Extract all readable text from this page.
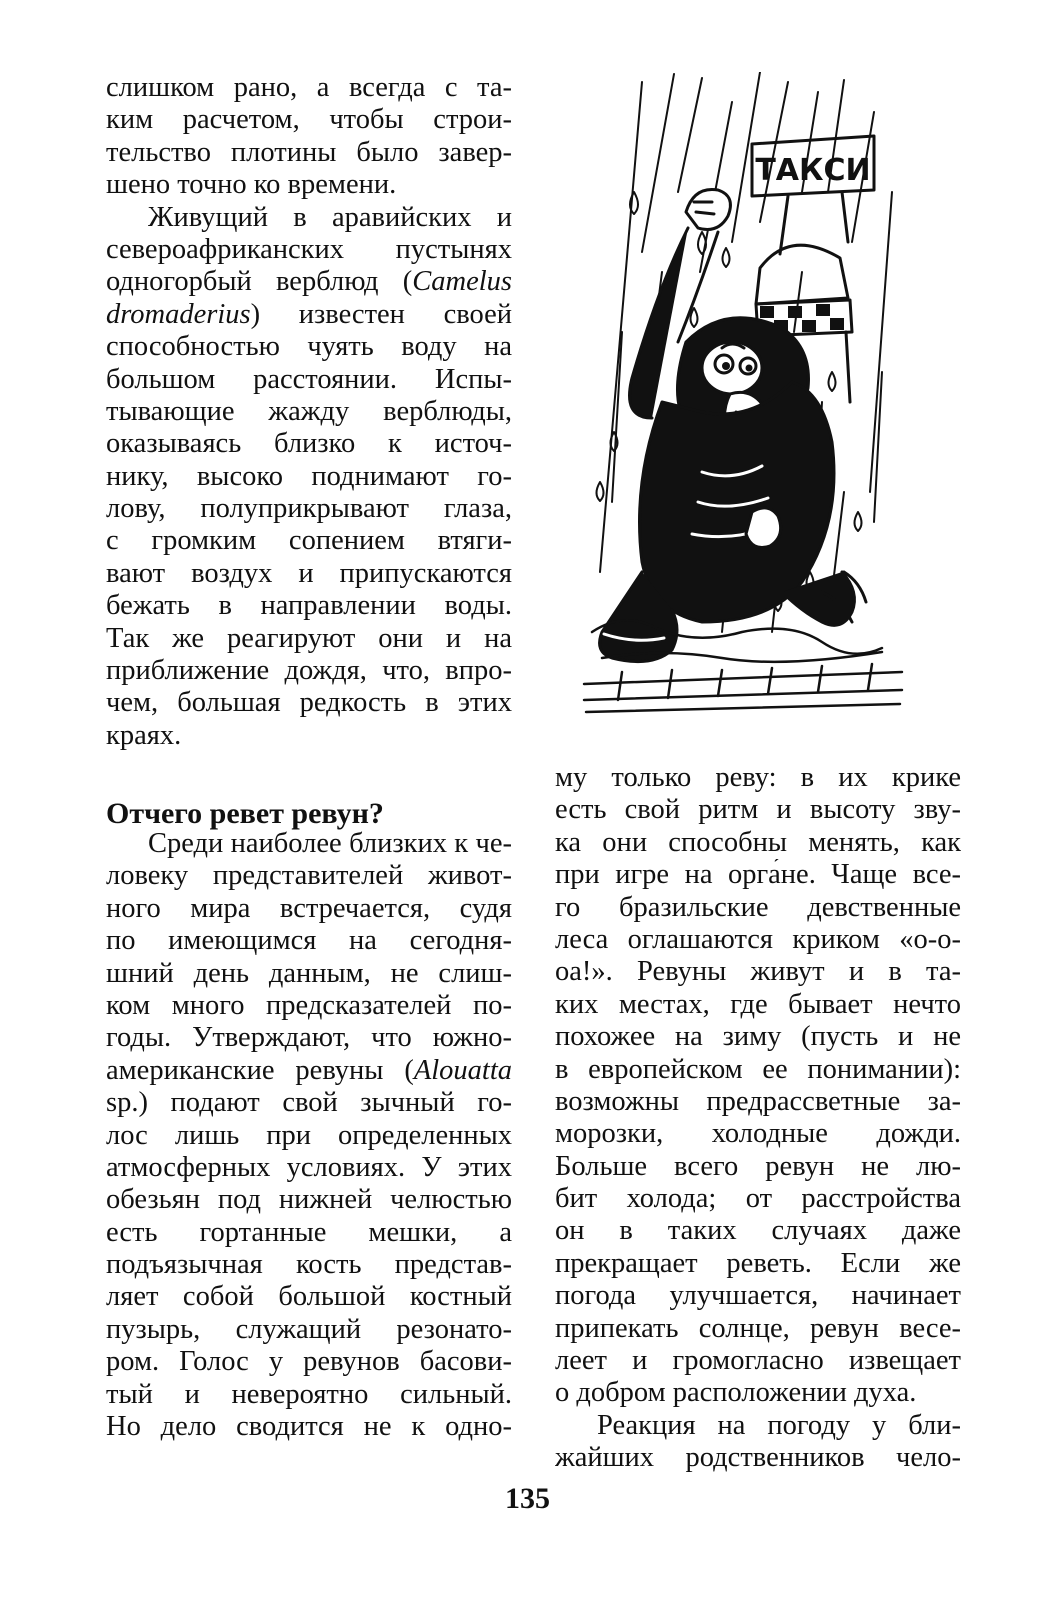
слишком рано, а всегда с та-
ким расчетом, чтобы строи-
тельство плотины было завер-
шено точно ко времени.
Живущий в аравийских и
североафриканских пустынях
одногорбый верблюд (Camelus
dromaderius) известен своей
способностью чуять воду на
большом расстоянии. Испы-
тывающие жажду верблюды,
оказываясь близко к источ-
нику, высоко поднимают го-
лову, полуприкрывают глаза,
с громким сопением втяги-
вают воздух и припускаются
бежать в направлении воды.
Так же реагируют они и на
приближение дождя, что, впро-
чем, большая редкость в этих
краях.
Отчего ревет ревун?
Среди наиболее близких к че-
ловеку представителей живот-
ного мира встречается, судя
по имеющимся на сегодня-
шний день данным, не слиш-
ком много предсказателей по-
годы. Утверждают, что южно-
американские ревуны (Alouatta
sp.) подают свой зычный го-
лос лишь при определенных
атмосферных условиях. У этих
обезьян под нижней челюстью
есть гортанные мешки, а
подъязычная кость представ-
ляет собой большой костный
пузырь, служащий резонато-
ром. Голос у ревунов басови-
тый и невероятно сильный.
Но дело сводится не к одно-
ТАКСИ
му только реву: в их крике
есть свой ритм и высоту зву-
ка они способны менять, как
при игре на орга́не. Чаще все-
го бразильские девственные
леса оглашаются криком «о-о-
оа!». Ревуны живут и в та-
ких местах, где бывает нечто
похожее на зиму (пусть и не
в европейском ее понимании):
возможны предрассветные за-
морозки, холодные дожди.
Больше всего ревун не лю-
бит холода; от расстройства
он в таких случаях даже
прекращает реветь. Если же
погода улучшается, начинает
припекать солнце, ревун весе-
леет и громогласно извещает
о добром расположении духа.
Реакция на погоду у бли-
жайших родственников чело-
135
